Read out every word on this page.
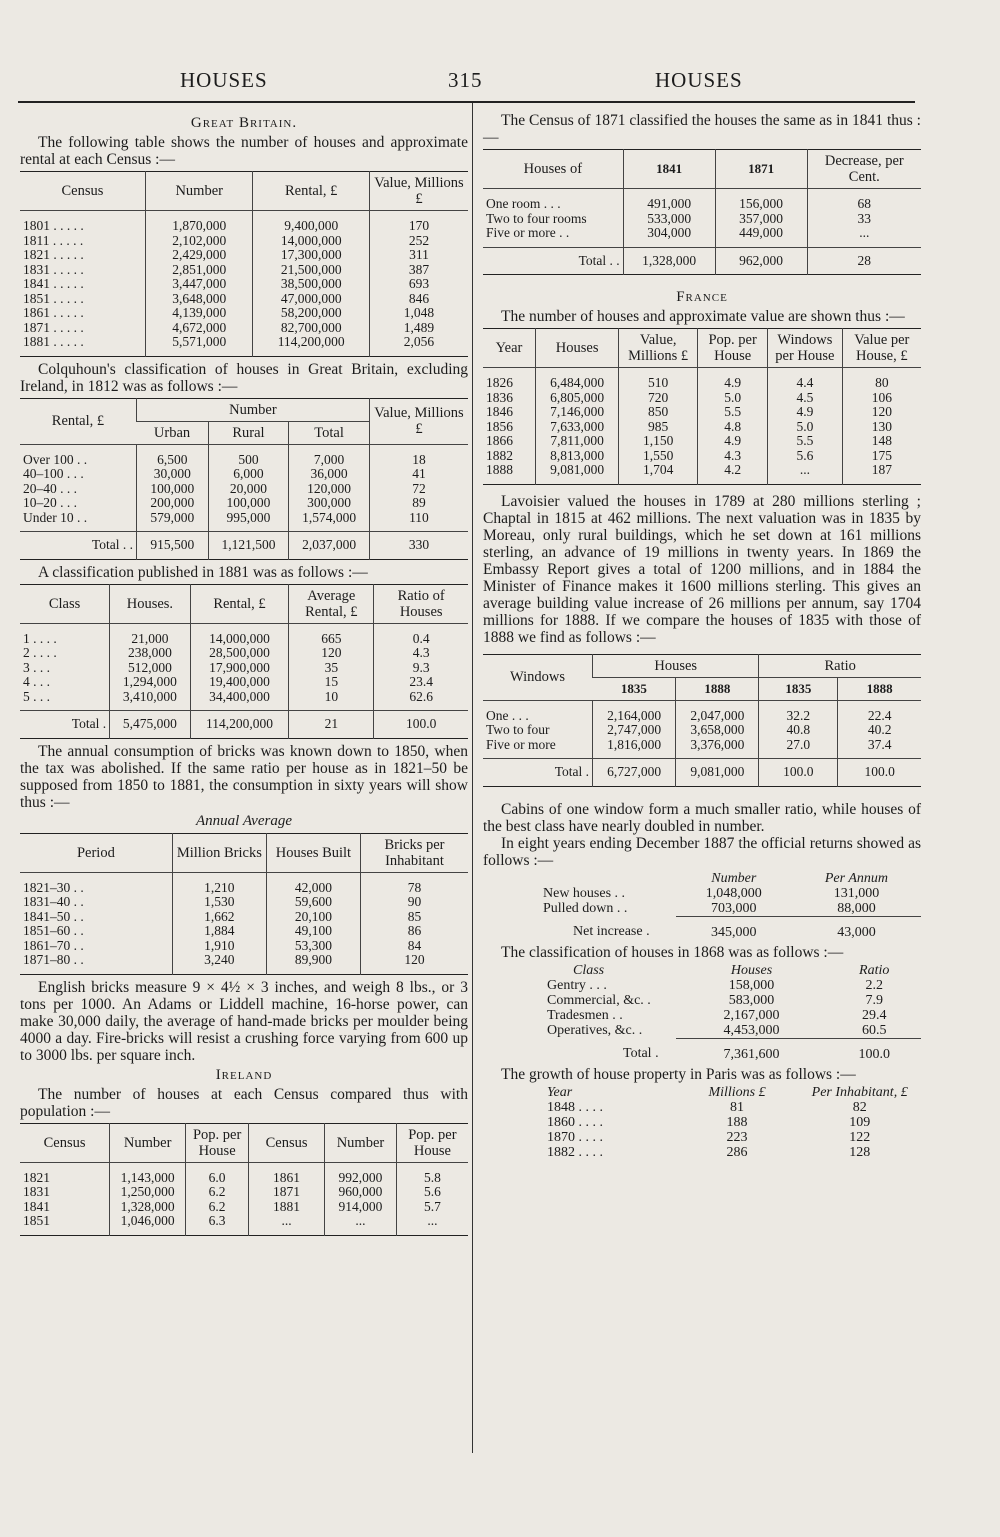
HOUSES	315	HOUSES
Great Britain.

The following table shows the number of houses and approximate rental at each Census :—

Census	Number	Rental, £	Value, Millions £
1801 . . . . .	1,870,000	9,400,000	170
1811 . . . . .	2,102,000	14,000,000	252
1821 . . . . .	2,429,000	17,300,000	311
1831 . . . . .	2,851,000	21,500,000	387
1841 . . . . .	3,447,000	38,500,000	693
1851 . . . . .	3,648,000	47,000,000	846
1861 . . . . .	4,139,000	58,200,000	1,048
1871 . . . . .	4,672,000	82,700,000	1,489
1881 . . . . .	5,571,000	114,200,000	2,056

Colquhoun's classification of houses in Great Britain, excluding Ireland, in 1812 was as follows :—

Rental, £	Number			Value, Millions £
	Urban	Rural	Total	
Over 100 . .	6,500	500	7,000	18
40–100 . . .	30,000	6,000	36,000	41
20–40 . . .	100,000	20,000	120,000	72
10–20 . . .	200,000	100,000	300,000	89
Under 10 . .	579,000	995,000	1,574,000	110
Total . .	915,500	1,121,500	2,037,000	330

A classification published in 1881 was as follows :—

Class	Houses.	Rental, £	Average Rental, £	Ratio of Houses
1 . . . .	21,000	14,000,000	665	0.4
2 . . . .	238,000	28,500,000	120	4.3
3 . . .	512,000	17,900,000	35	9.3
4 . . .	1,294,000	19,400,000	15	23.4
5 . . .	3,410,000	34,400,000	10	62.6
Total .	5,475,000	114,200,000	21	100.0

The annual consumption of bricks was known down to 1850, when the tax was abolished. If the same ratio per house as in 1821–50 be supposed from 1850 to 1881, the consumption in sixty years will show thus :—

Annual Average
Period	Million Bricks	Houses Built	Bricks per Inhabitant
1821–30 . .	1,210	42,000	78
1831–40 . .	1,530	59,600	90
1841–50 . .	1,662	20,100	85
1851–60 . .	1,884	49,100	86
1861–70 . .	1,910	53,300	84
1871–80 . .	3,240	89,900	120

English bricks measure 9 × 4½ × 3 inches, and weigh 8 lbs., or 3 tons per 1000. An Adams or Liddell machine, 16-horse power, can make 30,000 daily, the average of hand-made bricks per moulder being 4000 a day. Fire-bricks will resist a crushing force varying from 600 up to 3000 lbs. per square inch.

Ireland

The number of houses at each Census compared thus with population :—

Census	Number	Pop. per House	Census	Number	Pop. per House
1821	1,143,000	6.0	1861	992,000	5.8
1831	1,250,000	6.2	1871	960,000	5.6
1841	1,328,000	6.2	1881	914,000	5.7
1851	1,046,000	6.3	...	...	...

The Census of 1871 classified the houses the same as in 1841 thus :—

Houses of	1841	1871	Decrease, per Cent.
One room . . .	491,000	156,000	68
Two to four rooms	533,000	357,000	33
Five or more . .	304,000	449,000	...
Total . .	1,328,000	962,000	28
France

The number of houses and approximate value are shown thus :—

Year	Houses	Value, Millions £	Pop. per House	Windows per House	Value per House, £
1826	6,484,000	510	4.9	4.4	80
1836	6,805,000	720	5.0	4.5	106
1846	7,146,000	850	5.5	4.9	120
1856	7,633,000	985	4.8	5.0	130
1866	7,811,000	1,150	4.9	5.5	148
1882	8,813,000	1,550	4.3	5.6	175
1888	9,081,000	1,704	4.2	...	187

Lavoisier valued the houses in 1789 at 280 millions sterling ; Chaptal in 1815 at 462 millions. The next valuation was in 1835 by Moreau, only rural buildings, which he set down at 161 millions sterling, an advance of 19 millions in twenty years. In 1869 the Embassy Report gives a total of 1200 millions, and in 1884 the Minister of Finance makes it 1600 millions sterling. This gives an average building value increase of 26 millions per annum, say 1704 millions for 1888. If we compare the houses of 1835 with those of 1888 we find as follows :—

Windows	Houses		Ratio	
	1835	1888	1835	1888
One . . .	2,164,000	2,047,000	32.2	22.4
Two to four	2,747,000	3,658,000	40.8	40.2
Five or more	1,816,000	3,376,000	27.0	37.4
Total .	6,727,000	9,081,000	100.0	100.0

Cabins of one window form a much smaller ratio, while houses of the best class have nearly doubled in number.

In eight years ending December 1887 the official returns showed as follows :—

	Number	Per Annum
New houses . .	1,048,000	131,000
Pulled down . .	703,000	88,000
Net increase .	345,000	43,000

The classification of houses in 1868 was as follows :—

Class	Houses	Ratio
Gentry . . .	158,000	2.2
Commercial, &c. .	583,000	7.9
Tradesmen . .	2,167,000	29.4
Operatives, &c. .	4,453,000	60.5
Total .	7,361,600	100.0

The growth of house property in Paris was as follows :—

Year	Millions £	Per Inhabitant, £
1848 . . . .	81	82
1860 . . . .	188	109
1870 . . . .	223	122
1882 . . . .	286	128
